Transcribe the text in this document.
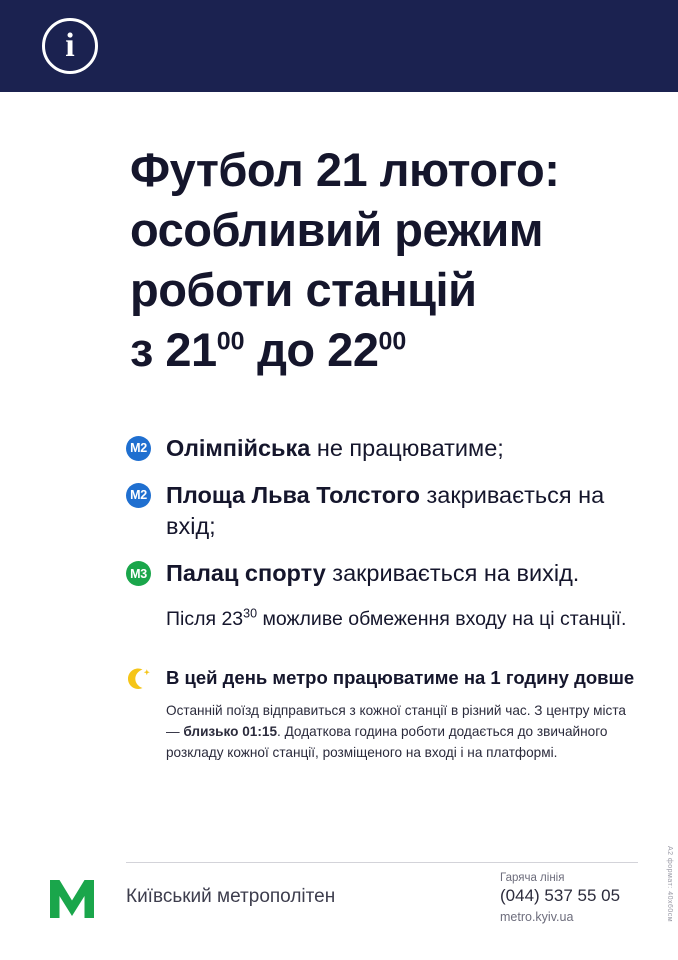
i
Футбол 21 лютого:
особливий режим
роботи станцій
з $21^{00}$ до $22^{00}$
M2 Олімпійська не працюватиме;
M2 Площа Льва Толстого закривається на вхід;
M3 Палац спорту закривається на вихід.

Після $23^{30}$ можливе обмеження входу на ці станції.

В цей день метро працюватиме на 1 годину довше

Останній поїзд відправиться з кожної станції в різний час. З центру міста — близько 01:15. Додаткова година роботи додається до звичайного розкладу кожної станції, розміщеного на вході і на платформі.

Київський метрополітен
Гаряча лінія
(044) 537 55 05
metro.kyiv.ua	А2 формат: 40х60см
